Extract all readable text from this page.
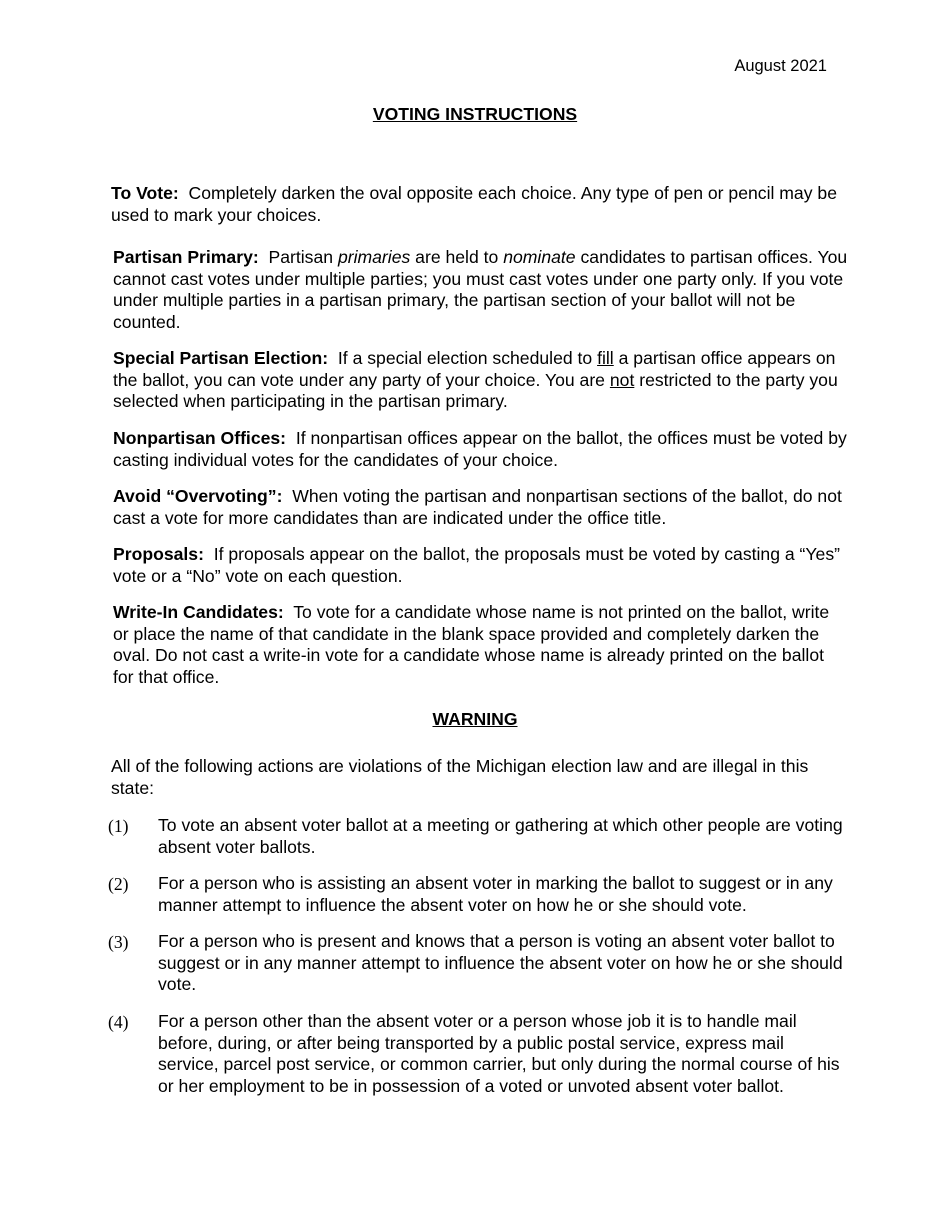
August 2021
VOTING INSTRUCTIONS

To Vote: Completely darken the oval opposite each choice. Any type of pen or pencil may be used to mark your choices.

Partisan Primary: Partisan primaries are held to nominate candidates to partisan offices. You cannot cast votes under multiple parties; you must cast votes under one party only. If you vote under multiple parties in a partisan primary, the partisan section of your ballot will not be counted.

Special Partisan Election: If a special election scheduled to fill a partisan office appears on the ballot, you can vote under any party of your choice. You are not restricted to the party you selected when participating in the partisan primary.

Nonpartisan Offices: If nonpartisan offices appear on the ballot, the offices must be voted by casting individual votes for the candidates of your choice.

Avoid “Overvoting”: When voting the partisan and nonpartisan sections of the ballot, do not cast a vote for more candidates than are indicated under the office title.

Proposals: If proposals appear on the ballot, the proposals must be voted by casting a “Yes” vote or a “No” vote on each question.

Write-In Candidates: To vote for a candidate whose name is not printed on the ballot, write or place the name of that candidate in the blank space provided and completely darken the oval. Do not cast a write-in vote for a candidate whose name is already printed on the ballot for that office.

WARNING

All of the following actions are violations of the Michigan election law and are illegal in this state:

(1) To vote an absent voter ballot at a meeting or gathering at which other people are voting absent voter ballots.
(2) For a person who is assisting an absent voter in marking the ballot to suggest or in any manner attempt to influence the absent voter on how he or she should vote.
(3) For a person who is present and knows that a person is voting an absent voter ballot to suggest or in any manner attempt to influence the absent voter on how he or she should vote.
(4) For a person other than the absent voter or a person whose job it is to handle mail before, during, or after being transported by a public postal service, express mail service, parcel post service, or common carrier, but only during the normal course of his or her employment to be in possession of a voted or unvoted absent voter ballot.
